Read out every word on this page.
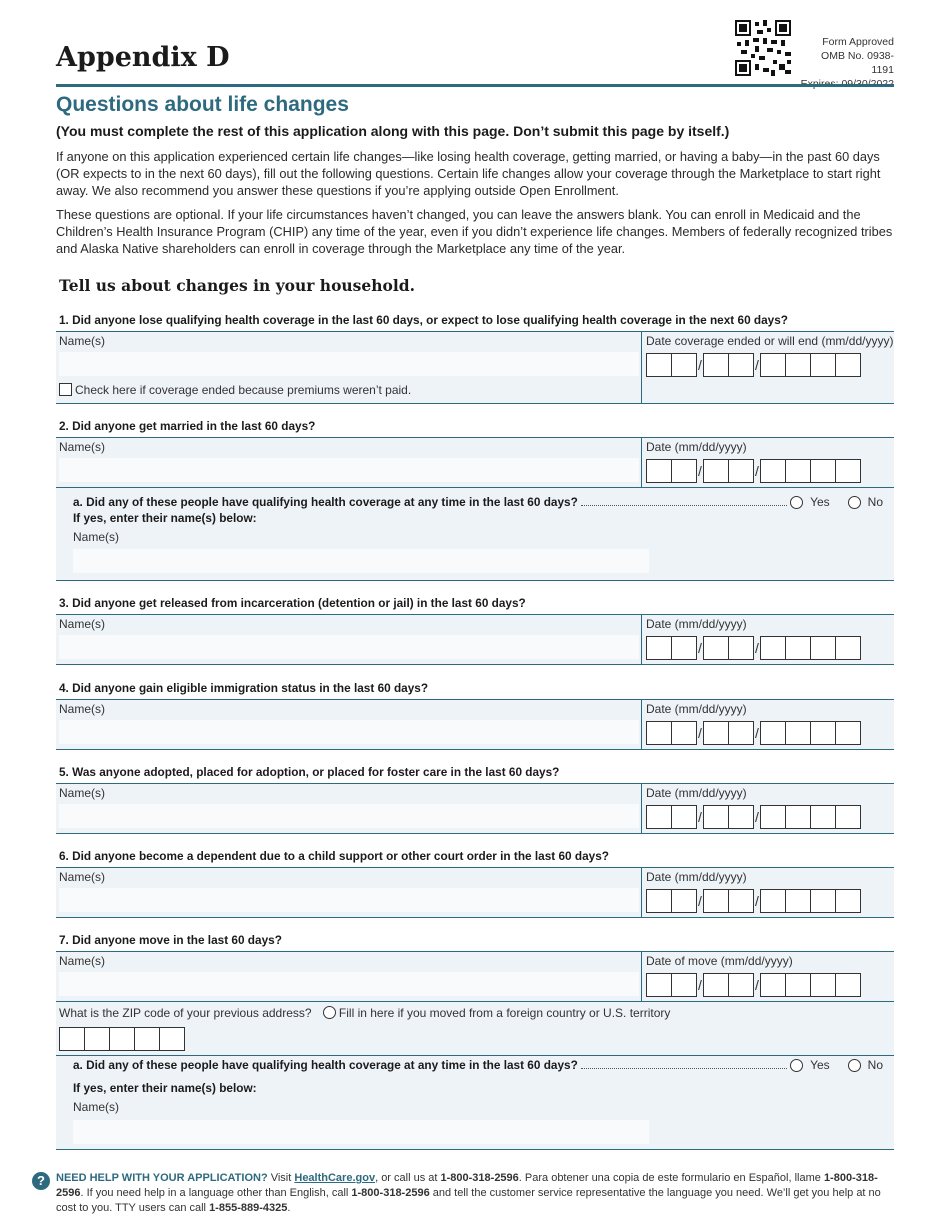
Appendix D	Form Approved
OMB No. 0938-1191
Questions about life changes
(You must complete the rest of this application along with this page. Don’t submit this page by itself.)
If anyone on this application experienced certain life changes—like losing health coverage, getting married, or having a baby—in the past 60 days (OR expects to in the next 60 days), fill out the following questions. Certain life changes allow your coverage through the Marketplace to start right away. We also recommend you answer these questions if you’re applying outside Open Enrollment.
These questions are optional. If your life circumstances haven’t changed, you can leave the answers blank. You can enroll in Medicaid and the Children’s Health Insurance Program (CHIP) any time of the year, even if you didn’t experience life changes. Members of federally recognized tribes and Alaska Native shareholders can enroll in coverage through the Marketplace any time of the year.
Tell us about changes in your household.
1. Did anyone lose qualifying health coverage in the last 60 days, or expect to lose qualifying health coverage in the next 60 days?
Name(s)
Check here if coverage ended because premiums weren’t paid.
Date coverage ended or will end (mm/dd/yyyy)
/	/
2. Did anyone get married in the last 60 days?
Name(s)	Date (mm/dd/yyyy)
/	/
a. Did any of these people have qualifying health coverage at any time in the last 60 days?	Yes	No
If yes, enter their name(s) below:
Name(s)
3. Did anyone get released from incarceration (detention or jail) in the last 60 days?
Name(s)	Date (mm/dd/yyyy)
/	/
4. Did anyone gain eligible immigration status in the last 60 days?
Name(s)	Date (mm/dd/yyyy)
/	/
5. Was anyone adopted, placed for adoption, or placed for foster care in the last 60 days?
Name(s)	Date (mm/dd/yyyy)
/	/
6. Did anyone become a dependent due to a child support or other court order in the last 60 days?
Name(s)	Date (mm/dd/yyyy)
/	/
7. Did anyone move in the last 60 days?
Name(s)	Date of move (mm/dd/yyyy)
/	/
What is the ZIP code of your previous address? Fill in here if you moved from a foreign country or U.S. territory
a. Did any of these people have qualifying health coverage at any time in the last 60 days?	Yes	No
If yes, enter their name(s) below:
Name(s)
?	NEED HELP WITH YOUR APPLICATION? Visit HealthCare.gov, or call us at 1-800-318-2596. Para obtener una copia de este formulario en Español, llame 1-800-318-2596. If you need help in a language other than English, call 1-800-318-2596 and tell the customer service representative the language you need. We’ll get you help at no cost to you. TTY users can call 1-855-889-4325.
